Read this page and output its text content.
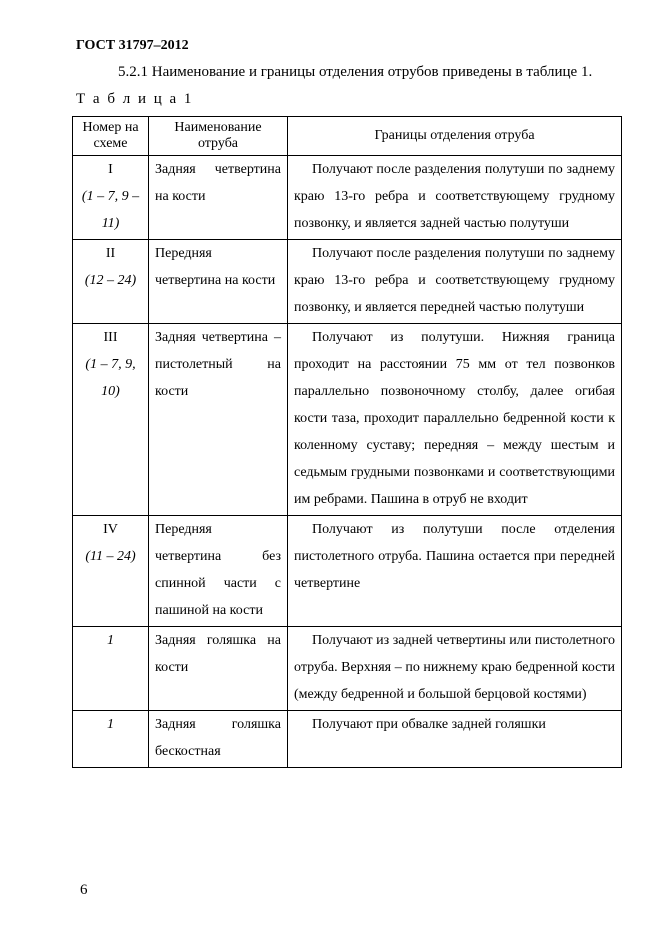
ГОСТ 31797–2012
5.2.1 Наименование и границы отделения отрубов приведены в таблице 1.
Т а б л и ц а 1
Номер на схеме	Наименование отруба	Границы отделения отруба

I
(1 – 7, 9 – 11)	Задняя четвертина на кости	Получают после разделения полутуши по заднему краю 13-го ребра и соответствующему грудному позвонку, и является задней частью полутуши

II
(12 – 24)	Передняя четвертина на кости	Получают после разделения полутуши по заднему краю 13-го ребра и соответствующему грудному позвонку, и является передней частью полутуши

III
(1 – 7, 9, 10)	Задняя четвертина – пистолетный на кости	Получают из полутуши. Нижняя граница проходит на расстоянии 75 мм от тел позвонков параллельно позвоночному столбу, далее огибая кости таза, проходит параллельно бедренной кости к коленному суставу; передняя – между шестым и седьмым грудными позвонками и соответствующими им ребрами. Пашина в отруб не входит

IV
(11 – 24)	Передняя четвертина без спинной части с пашиной на кости	Получают из полутуши после отделения пистолетного отруба. Пашина остается при передней четвертине

1	Задняя голяшка на кости	Получают из задней четвертины или пистолетного отруба. Верхняя – по нижнему краю бедренной кости (между бедренной и большой берцовой костями)

1	Задняя голяшка бескостная	Получают при обвалке задней голяшки
6
